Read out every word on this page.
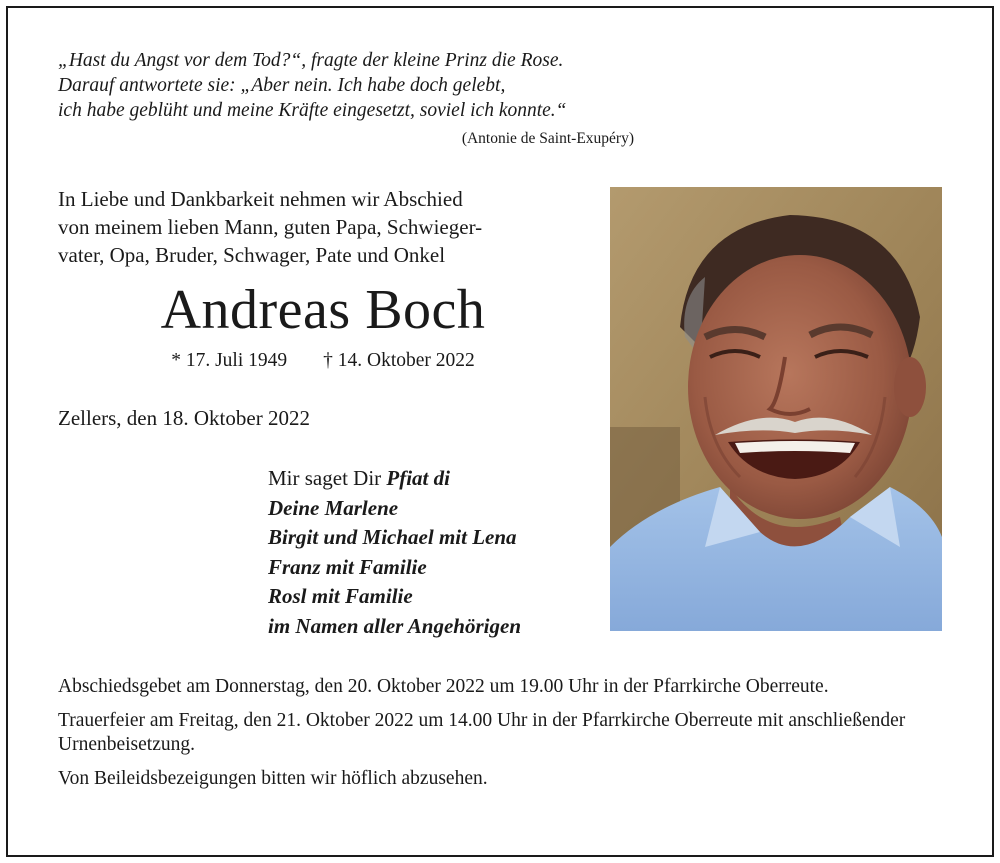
„Hast du Angst vor dem Tod?“, fragte der kleine Prinz die Rose.
Darauf antwortete sie: „Aber nein. Ich habe doch gelebt,
ich habe geblüht und meine Kräfte eingesetzt, soviel ich konnte.“
(Antonie de Saint-Exupéry)
In Liebe und Dankbarkeit nehmen wir Abschied
von meinem lieben Mann, guten Papa, Schwieger-
vater, Opa, Bruder, Schwager, Pate und Onkel
Andreas Boch
* 17. Juli 1949 † 14. Oktober 2022
Zellers, den 18. Oktober 2022
Mir saget Dir Pfiat di
Deine Marlene
Birgit und Michael mit Lena
Franz mit Familie
Rosl mit Familie
im Namen aller Angehörigen

Abschiedsgebet am Donnerstag, den 20. Oktober 2022 um 19.00 Uhr in der Pfarrkirche Oberreute.

Trauerfeier am Freitag, den 21. Oktober 2022 um 14.00 Uhr in der Pfarrkirche Oberreute mit anschließender Urnenbeisetzung.

Von Beileidsbezeigungen bitten wir höflich abzusehen.
